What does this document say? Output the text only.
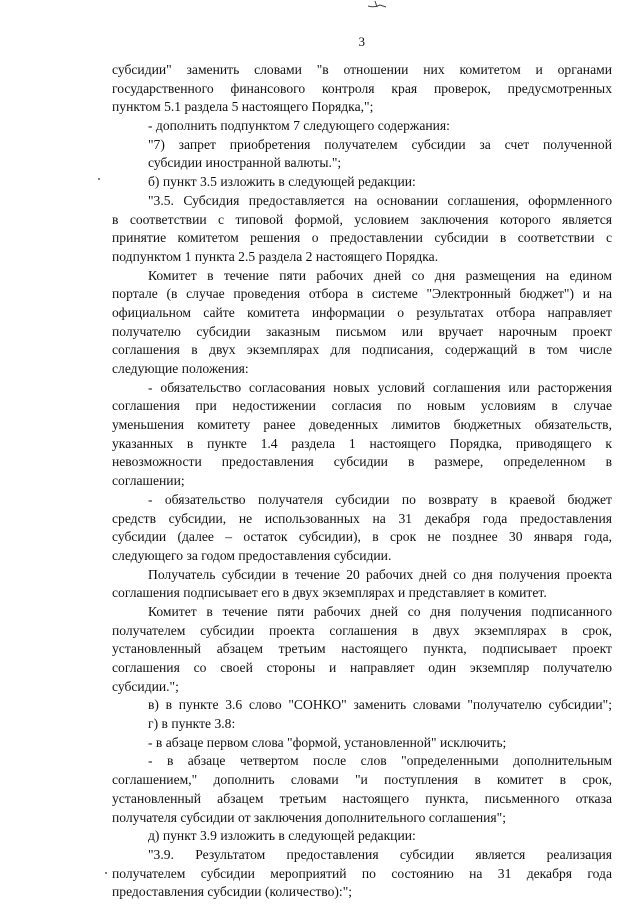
3
субсидии" заменить словами "в отношении них комитетом и органами
государственного финансового контроля края проверок, предусмотренных
пунктом 5.1 раздела 5 настоящего Порядка,";
- дополнить подпунктом 7 следующего содержания:
"7) запрет приобретения получателем субсидии за счет полученной
субсидии иностранной валюты.";
б) пункт 3.5 изложить в следующей редакции:
"3.5. Субсидия предоставляется на основании соглашения, оформленного
в соответствии с типовой формой, условием заключения которого является
принятие комитетом решения о предоставлении субсидии в соответствии с
подпунктом 1 пункта 2.5 раздела 2 настоящего Порядка.
Комитет в течение пяти рабочих дней со дня размещения на едином
портале (в случае проведения отбора в системе "Электронный бюджет") и на
официальном сайте комитета информации о результатах отбора направляет
получателю субсидии заказным письмом или вручает нарочным проект
соглашения в двух экземплярах для подписания, содержащий в том числе
следующие положения:
- обязательство согласования новых условий соглашения или расторжения
соглашения при недостижении согласия по новым условиям в случае
уменьшения комитету ранее доведенных лимитов бюджетных обязательств,
указанных в пункте 1.4 раздела 1 настоящего Порядка, приводящего к
невозможности предоставления субсидии в размере, определенном в
соглашении;
- обязательство получателя субсидии по возврату в краевой бюджет
средств субсидии, не использованных на 31 декабря года предоставления
субсидии (далее – остаток субсидии), в срок не позднее 30 января года,
следующего за годом предоставления субсидии.
Получатель субсидии в течение 20 рабочих дней со дня получения проекта
соглашения подписывает его в двух экземплярах и представляет в комитет.
Комитет в течение пяти рабочих дней со дня получения подписанного
получателем субсидии проекта соглашения в двух экземплярах в срок,
установленный абзацем третьим настоящего пункта, подписывает проект
соглашения со своей стороны и направляет один экземпляр получателю
субсидии.";
в) в пункте 3.6 слово "СОНКО" заменить словами "получателю субсидии";
г) в пункте 3.8:
- в абзаце первом слова "формой, установленной" исключить;
- в абзаце четвертом после слов "определенными дополнительным
соглашением," дополнить словами "и поступления в комитет в срок,
установленный абзацем третьим настоящего пункта, письменного отказа
получателя субсидии от заключения дополнительного соглашения";
д) пункт 3.9 изложить в следующей редакции:
"3.9. Результатом предоставления субсидии является реализация
получателем субсидии мероприятий по состоянию на 31 декабря года
предоставления субсидии (количество):";
